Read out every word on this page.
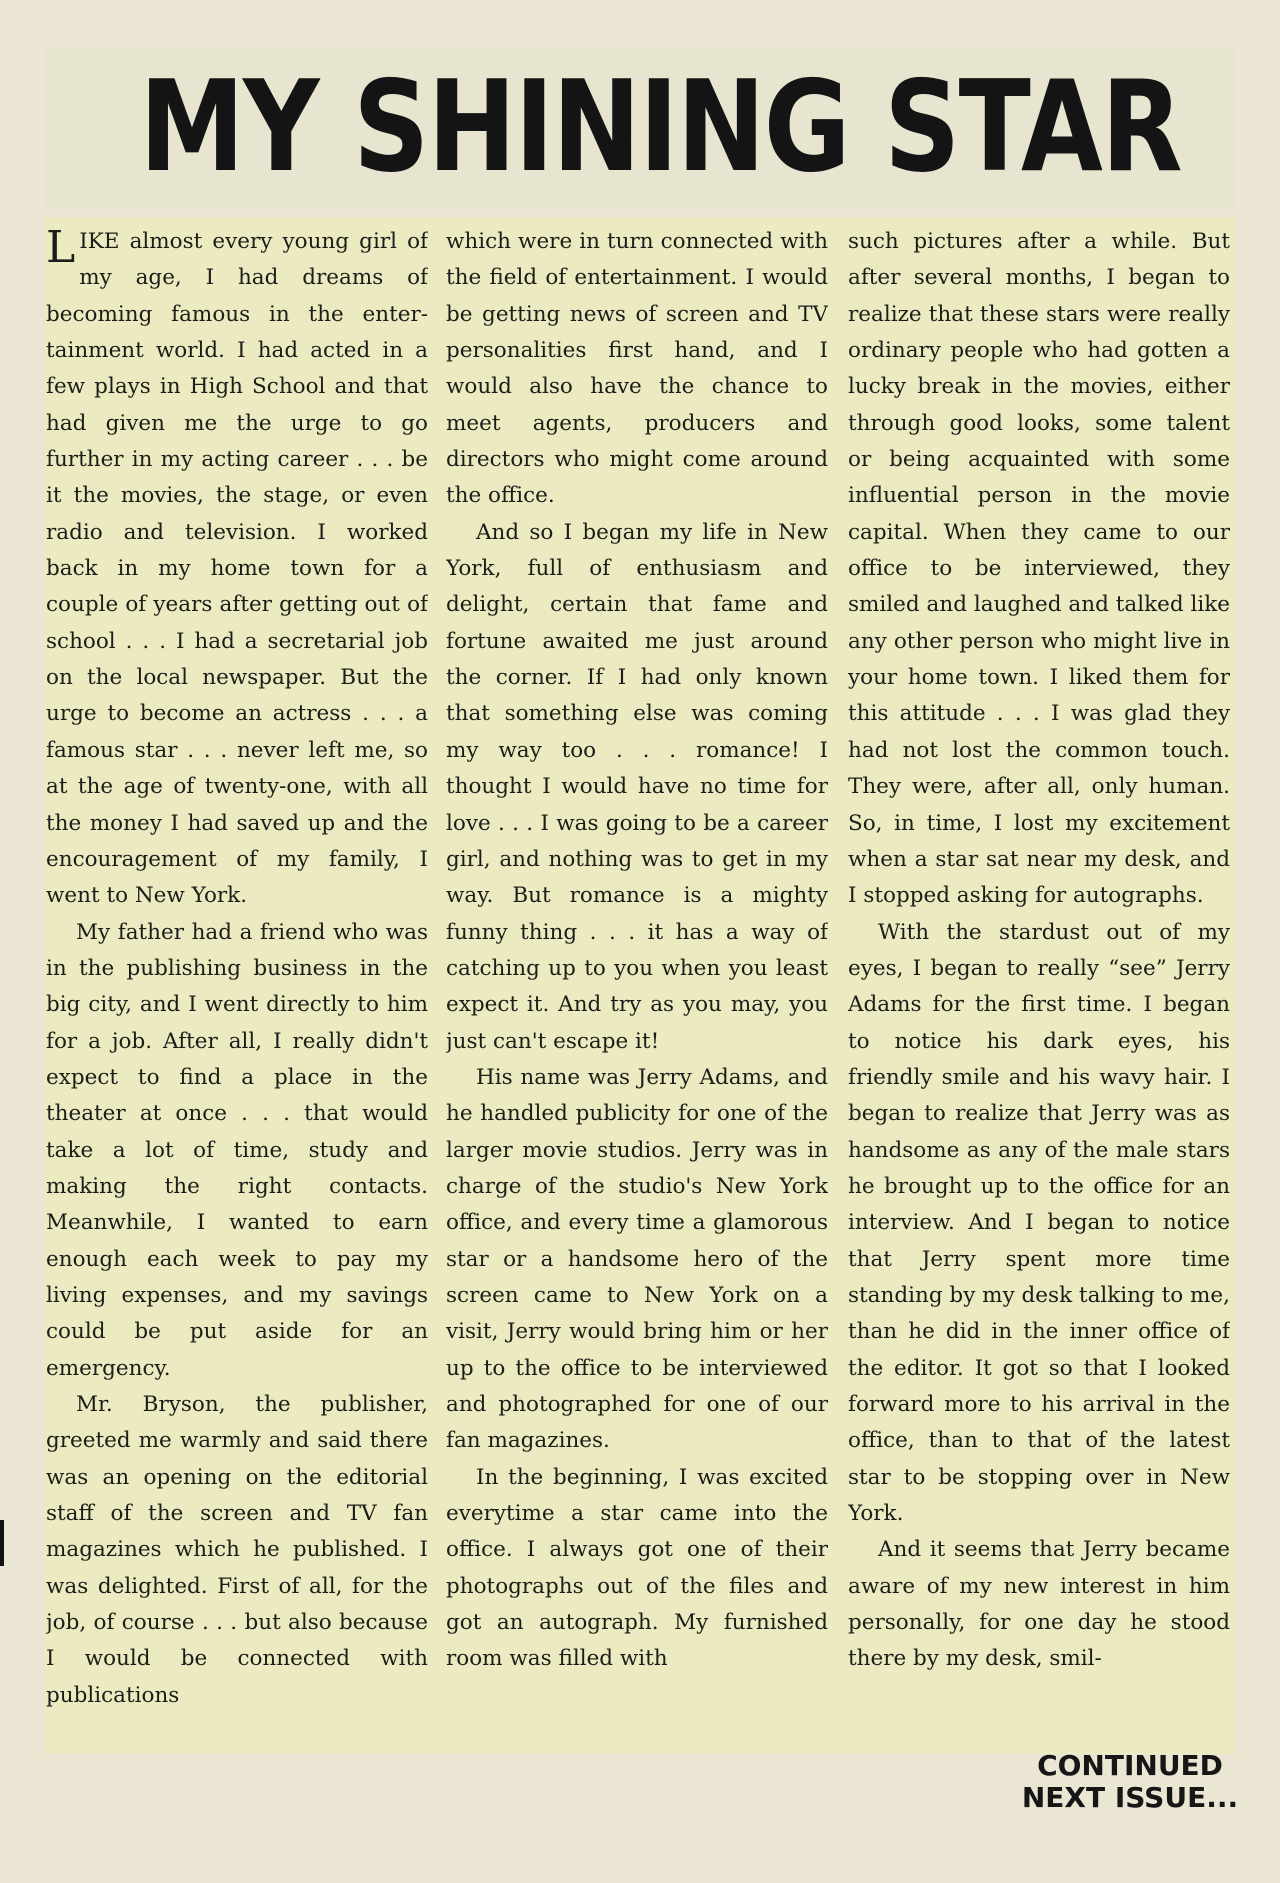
MY SHINING STAR

LIKE almost every young girl of my age, I had dreams of becoming famous in the entertainment world. I had acted in a few plays in High School and that had given me the urge to go further in my acting career . . . be it the movies, the stage, or even radio and television. I worked back in my home town for a couple of years after getting out of school . . . I had a secretarial job on the local newspaper. But the urge to become an actress . . . a famous star . . . never left me, so at the age of twenty-one, with all the money I had saved up and the encouragement of my family, I went to New York.

My father had a friend who was in the publishing business in the big city, and I went directly to him for a job. After all, I really didn't expect to find a place in the theater at once . . . that would take a lot of time, study and making the right contacts. Meanwhile, I wanted to earn enough each week to pay my living expenses, and my savings could be put aside for an emergency.

Mr. Bryson, the publisher, greeted me warmly and said there was an opening on the editorial staff of the screen and TV fan magazines which he published. I was delighted. First of all, for the job, of course . . . but also because I would be connected with publications

which were in turn connected with the field of entertainment. I would be getting news of screen and TV personalities first hand, and I would also have the chance to meet agents, producers and directors who might come around the office.

And so I began my life in New York, full of enthusiasm and delight, certain that fame and fortune awaited me just around the corner. If I had only known that something else was coming my way too . . . romance! I thought I would have no time for love . . . I was going to be a career girl, and nothing was to get in my way. But romance is a mighty funny thing . . . it has a way of catching up to you when you least expect it. And try as you may, you just can't escape it!

His name was Jerry Adams, and he handled publicity for one of the larger movie studios. Jerry was in charge of the studio's New York office, and every time a glamorous star or a handsome hero of the screen came to New York on a visit, Jerry would bring him or her up to the office to be interviewed and photographed for one of our fan magazines.

In the beginning, I was excited everytime a star came into the office. I always got one of their photographs out of the files and got an autograph. My furnished room was filled with

such pictures after a while. But after several months, I began to realize that these stars were really ordinary people who had gotten a lucky break in the movies, either through good looks, some talent or being acquainted with some influential person in the movie capital. When they came to our office to be interviewed, they smiled and laughed and talked like any other person who might live in your home town. I liked them for this attitude . . . I was glad they had not lost the common touch. They were, after all, only human. So, in time, I lost my excitement when a star sat near my desk, and I stopped asking for autographs.

With the stardust out of my eyes, I began to really “see” Jerry Adams for the first time. I began to notice his dark eyes, his friendly smile and his wavy hair. I began to realize that Jerry was as handsome as any of the male stars he brought up to the office for an interview. And I began to notice that Jerry spent more time standing by my desk talking to me, than he did in the inner office of the editor. It got so that I looked forward more to his arrival in the office, than to that of the latest star to be stopping over in New York.

And it seems that Jerry became aware of my new interest in him personally, for one day he stood there by my desk, smil-

CONTINUED
NEXT ISSUE...
